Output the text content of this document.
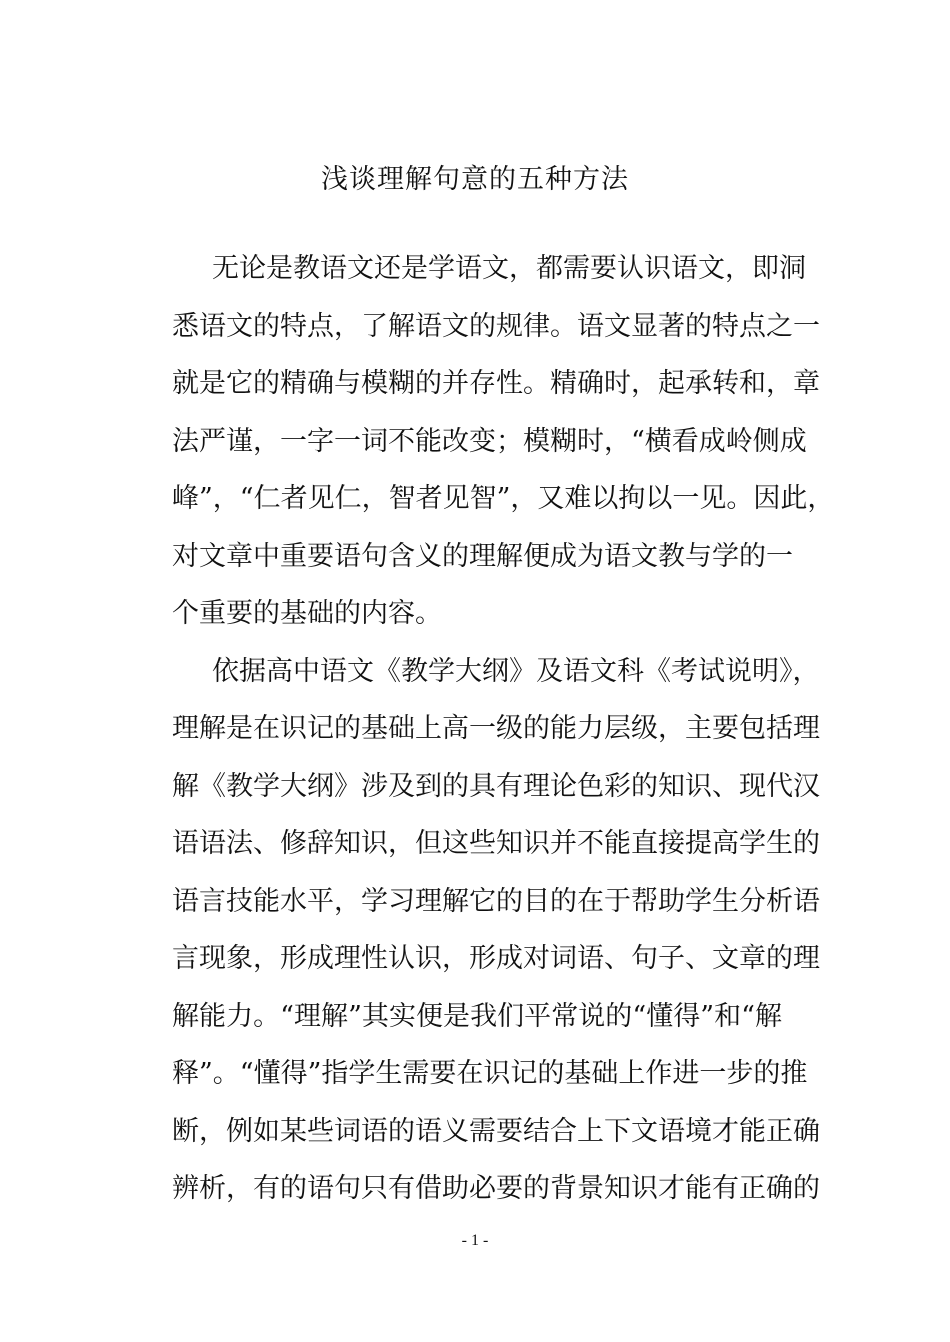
浅谈理解句意的五种方法
无论是教语文还是学语文，都需要认识语文，即洞
悉语文的特点，了解语文的规律。语文显著的特点之一
就是它的精确与模糊的并存性。精确时，起承转和，章
法严谨，一字一词不能改变；模糊时，“横看成岭侧成
峰”，“仁者见仁，智者见智”，又难以拘以一见。因此，
对文章中重要语句含义的理解便成为语文教与学的一
个重要的基础的内容。
依据高中语文《教学大纲》及语文科《考试说明》，
理解是在识记的基础上高一级的能力层级，主要包括理
解《教学大纲》涉及到的具有理论色彩的知识、现代汉
语语法、修辞知识，但这些知识并不能直接提高学生的
语言技能水平，学习理解它的目的在于帮助学生分析语
言现象，形成理性认识，形成对词语、句子、文章的理
解能力。“理解”其实便是我们平常说的“懂得”和“解
释”。“懂得”指学生需要在识记的基础上作进一步的推
断，例如某些词语的语义需要结合上下文语境才能正确
辨析，有的语句只有借助必要的背景知识才能有正确的
- 1 -
